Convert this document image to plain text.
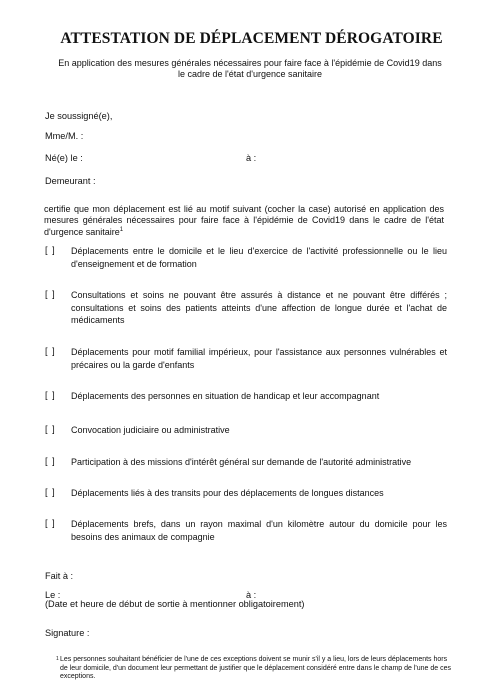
ATTESTATION DE DÉPLACEMENT DÉROGATOIRE
En application des mesures générales nécessaires pour faire face à l'épidémie de Covid19 dans
le cadre de l'état d'urgence sanitaire
Je soussigné(e),
Mme/M. :
Né(e) le :	à :
Demeurant :
certifie que mon déplacement est lié au motif suivant (cocher la case) autorisé en application des mesures générales nécessaires pour faire face à l'épidémie de Covid19 dans le cadre de l'état d'urgence sanitaire$^1$
[ ] Déplacements entre le domicile et le lieu d'exercice de l'activité professionnelle ou le lieu d'enseignement et de formation
[ ] Consultations et soins ne pouvant être assurés à distance et ne pouvant être différés ; consultations et soins des patients atteints d'une affection de longue durée et l'achat de médicaments
[ ] Déplacements pour motif familial impérieux, pour l'assistance aux personnes vulnérables et précaires ou la garde d'enfants
[ ] Déplacements des personnes en situation de handicap et leur accompagnant
[ ] Convocation judiciaire ou administrative
[ ] Participation à des missions d'intérêt général sur demande de l'autorité administrative
[ ] Déplacements liés à des transits pour des déplacements de longues distances
[ ] Déplacements brefs, dans un rayon maximal d'un kilomètre autour du domicile pour les besoins des animaux de compagnie
Fait à :
Le :	à :
(Date et heure de début de sortie à mentionner obligatoirement)
Signature :
1 Les personnes souhaitant bénéficier de l'une de ces exceptions doivent se munir s'il y a lieu, lors de leurs déplacements hors de leur domicile, d'un document leur permettant de justifier que le déplacement considéré entre dans le champ de l'une de ces exceptions.
